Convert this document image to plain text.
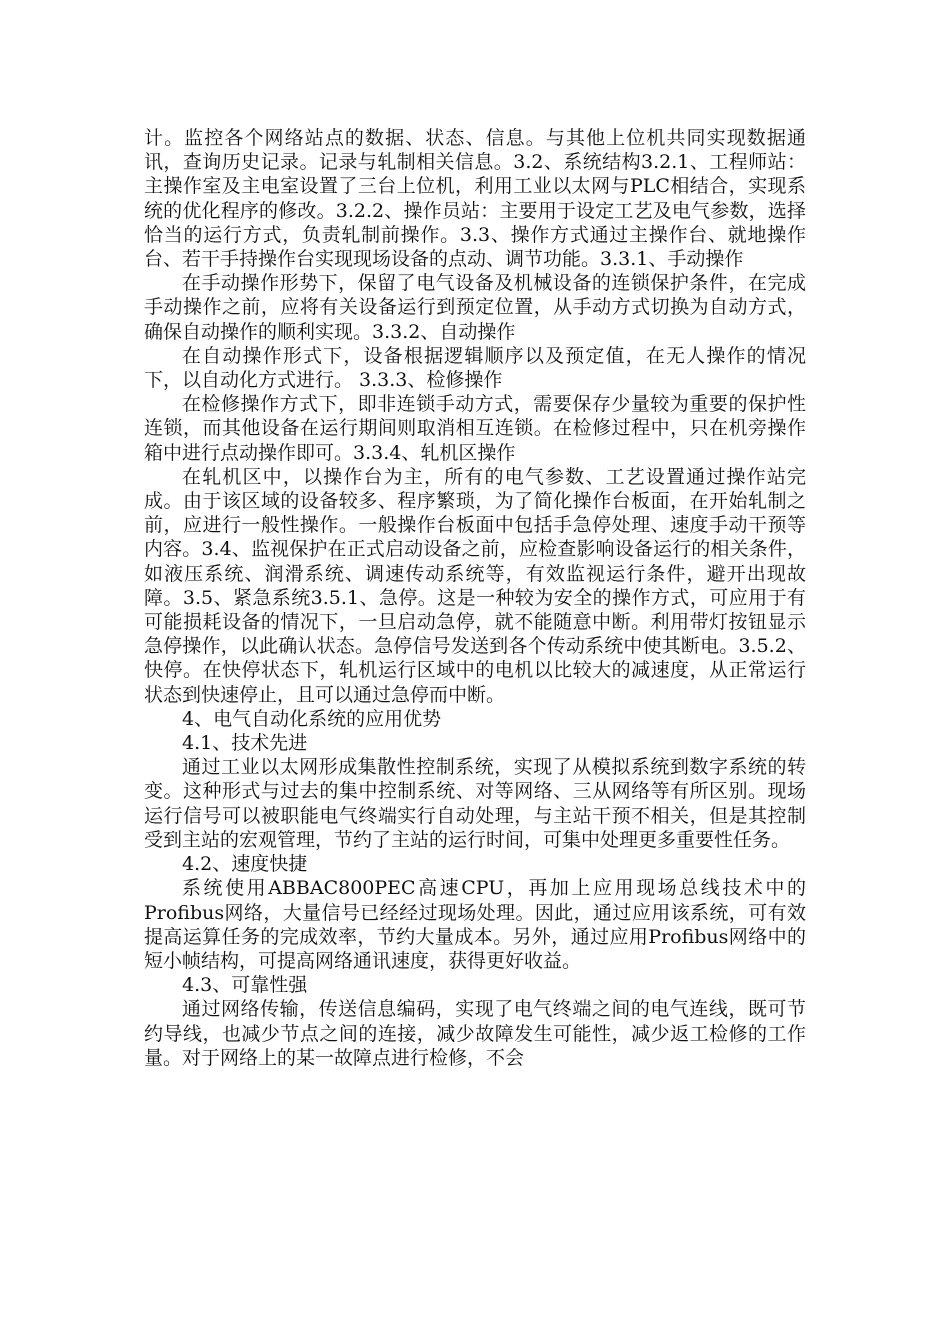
计。监控各个网络站点的数据、状态、信息。与其他上位机共同实现数据通讯，查询历史记录。记录与轧制相关信息。3.2、系统结构3.2.1、工程师站：主操作室及主电室设置了三台上位机，利用工业以太网与PLC相结合，实现系统的优化程序的修改。3.2.2、操作员站：主要用于设定工艺及电气参数，选择恰当的运行方式，负责轧制前操作。3.3、操作方式通过主操作台、就地操作台、若干手持操作台实现现场设备的点动、调节功能。3.3.1、手动操作

在手动操作形势下，保留了电气设备及机械设备的连锁保护条件，在完成手动操作之前，应将有关设备运行到预定位置，从手动方式切换为自动方式，确保自动操作的顺利实现。3.3.2、自动操作

在自动操作形式下，设备根据逻辑顺序以及预定值，在无人操作的情况下，以自动化方式进行。 3.3.3、检修操作

在检修操作方式下，即非连锁手动方式，需要保存少量较为重要的保护性连锁，而其他设备在运行期间则取消相互连锁。在检修过程中，只在机旁操作箱中进行点动操作即可。3.3.4、轧机区操作

在轧机区中，以操作台为主，所有的电气参数、工艺设置通过操作站完成。由于该区域的设备较多、程序繁琐，为了简化操作台板面，在开始轧制之前，应进行一般性操作。一般操作台板面中包括手急停处理、速度手动干预等内容。3.4、监视保护在正式启动设备之前，应检查影响设备运行的相关条件，如液压系统、润滑系统、调速传动系统等，有效监视运行条件，避开出现故障。3.5、紧急系统3.5.1、急停。这是一种较为安全的操作方式，可应用于有可能损耗设备的情况下，一旦启动急停，就不能随意中断。利用带灯按钮显示急停操作，以此确认状态。急停信号发送到各个传动系统中使其断电。3.5.2、快停。在快停状态下，轧机运行区域中的电机以比较大的减速度，从正常运行状态到快速停止，且可以通过急停而中断。

4、电气自动化系统的应用优势

4.1、技术先进

通过工业以太网形成集散性控制系统，实现了从模拟系统到数字系统的转变。这种形式与过去的集中控制系统、对等网络、三从网络等有所区别。现场运行信号可以被职能电气终端实行自动处理，与主站干预不相关，但是其控制受到主站的宏观管理，节约了主站的运行时间，可集中处理更多重要性任务。

4.2、速度快捷

系统使用ABBAC800PEC高速CPU，再加上应用现场总线技术中的Profibus网络，大量信号已经经过现场处理。因此，通过应用该系统，可有效提高运算任务的完成效率，节约大量成本。另外，通过应用Profibus网络中的短小帧结构，可提高网络通讯速度，获得更好收益。

4.3、可靠性强

通过网络传输，传送信息编码，实现了电气终端之间的电气连线，既可节约导线，也减少节点之间的连接，减少故障发生可能性，减少返工检修的工作量。对于网络上的某一故障点进行检修，不会
